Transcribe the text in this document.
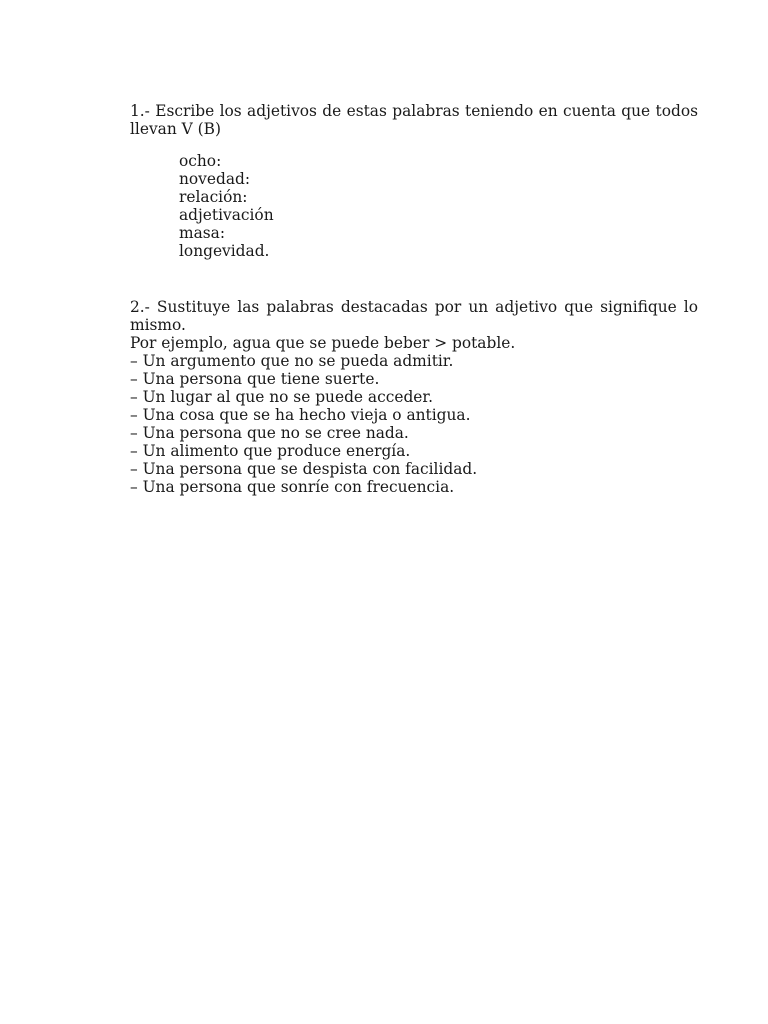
1.- Escribe los adjetivos de estas palabras teniendo en cuenta que todos llevan V (B)

ocho:
novedad:
relación:
adjetivación
masa:
longevidad.

2.- Sustituye las palabras destacadas por un adjetivo que signifique lo mismo.

Por ejemplo, agua que se puede beber > potable.

– Un argumento que no se pueda admitir.
– Una persona que tiene suerte.
– Un lugar al que no se puede acceder.
– Una cosa que se ha hecho vieja o antigua.
– Una persona que no se cree nada.
– Un alimento que produce energía.
– Una persona que se despista con facilidad.
– Una persona que sonríe con frecuencia.
